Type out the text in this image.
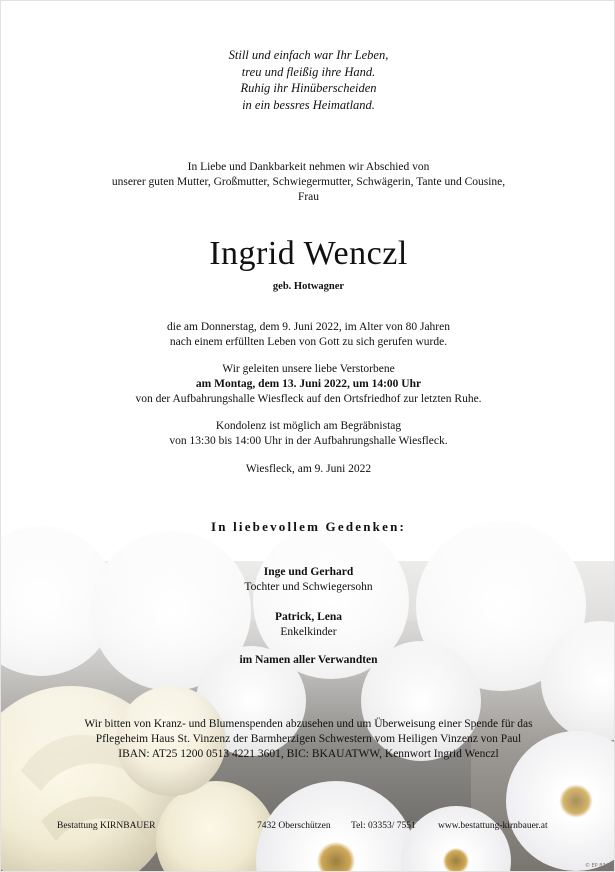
Still und einfach war Ihr Leben,
treu und fleißig ihre Hand.
Ruhig ihr Hinüberscheiden
in ein bessres Heimatland.
In Liebe und Dankbarkeit nehmen wir Abschied von
unserer guten Mutter, Großmutter, Schwiegermutter, Schwägerin, Tante und Cousine,
Frau
Ingrid Wenczl
geb. Hotwagner
die am Donnerstag, dem 9. Juni 2022, im Alter von 80 Jahren
nach einem erfüllten Leben von Gott zu sich gerufen wurde.
Wir geleiten unsere liebe Verstorbene
am Montag, dem 13. Juni 2022, um 14:00 Uhr
von der Aufbahrungshalle Wiesfleck auf den Ortsfriedhof zur letzten Ruhe.
Kondolenz ist möglich am Begräbnistag
von 13:30 bis 14:00 Uhr in der Aufbahrungshalle Wiesfleck.
Wiesfleck, am 9. Juni 2022
In liebevollem Gedenken:
Inge und Gerhard
Tochter und Schwiegersohn
Patrick, Lena
Enkelkinder
im Namen aller Verwandten
Wir bitten von Kranz- und Blumenspenden abzusehen und um Überweisung einer Spende für das
Pflegeheim Haus St. Vinzenz der Barmherzigen Schwestern vom Heiligen Vinzenz von Paul
IBAN: AT25 1200 0513 4221 3601, BIC: BKAUATWW, Kennwort Ingrid Wenczl
Bestattung KIRNBAUER	7432 Oberschützen Tel: 03353/ 7551 www.bestattung-kirnbauer.at
© EP 83/U
